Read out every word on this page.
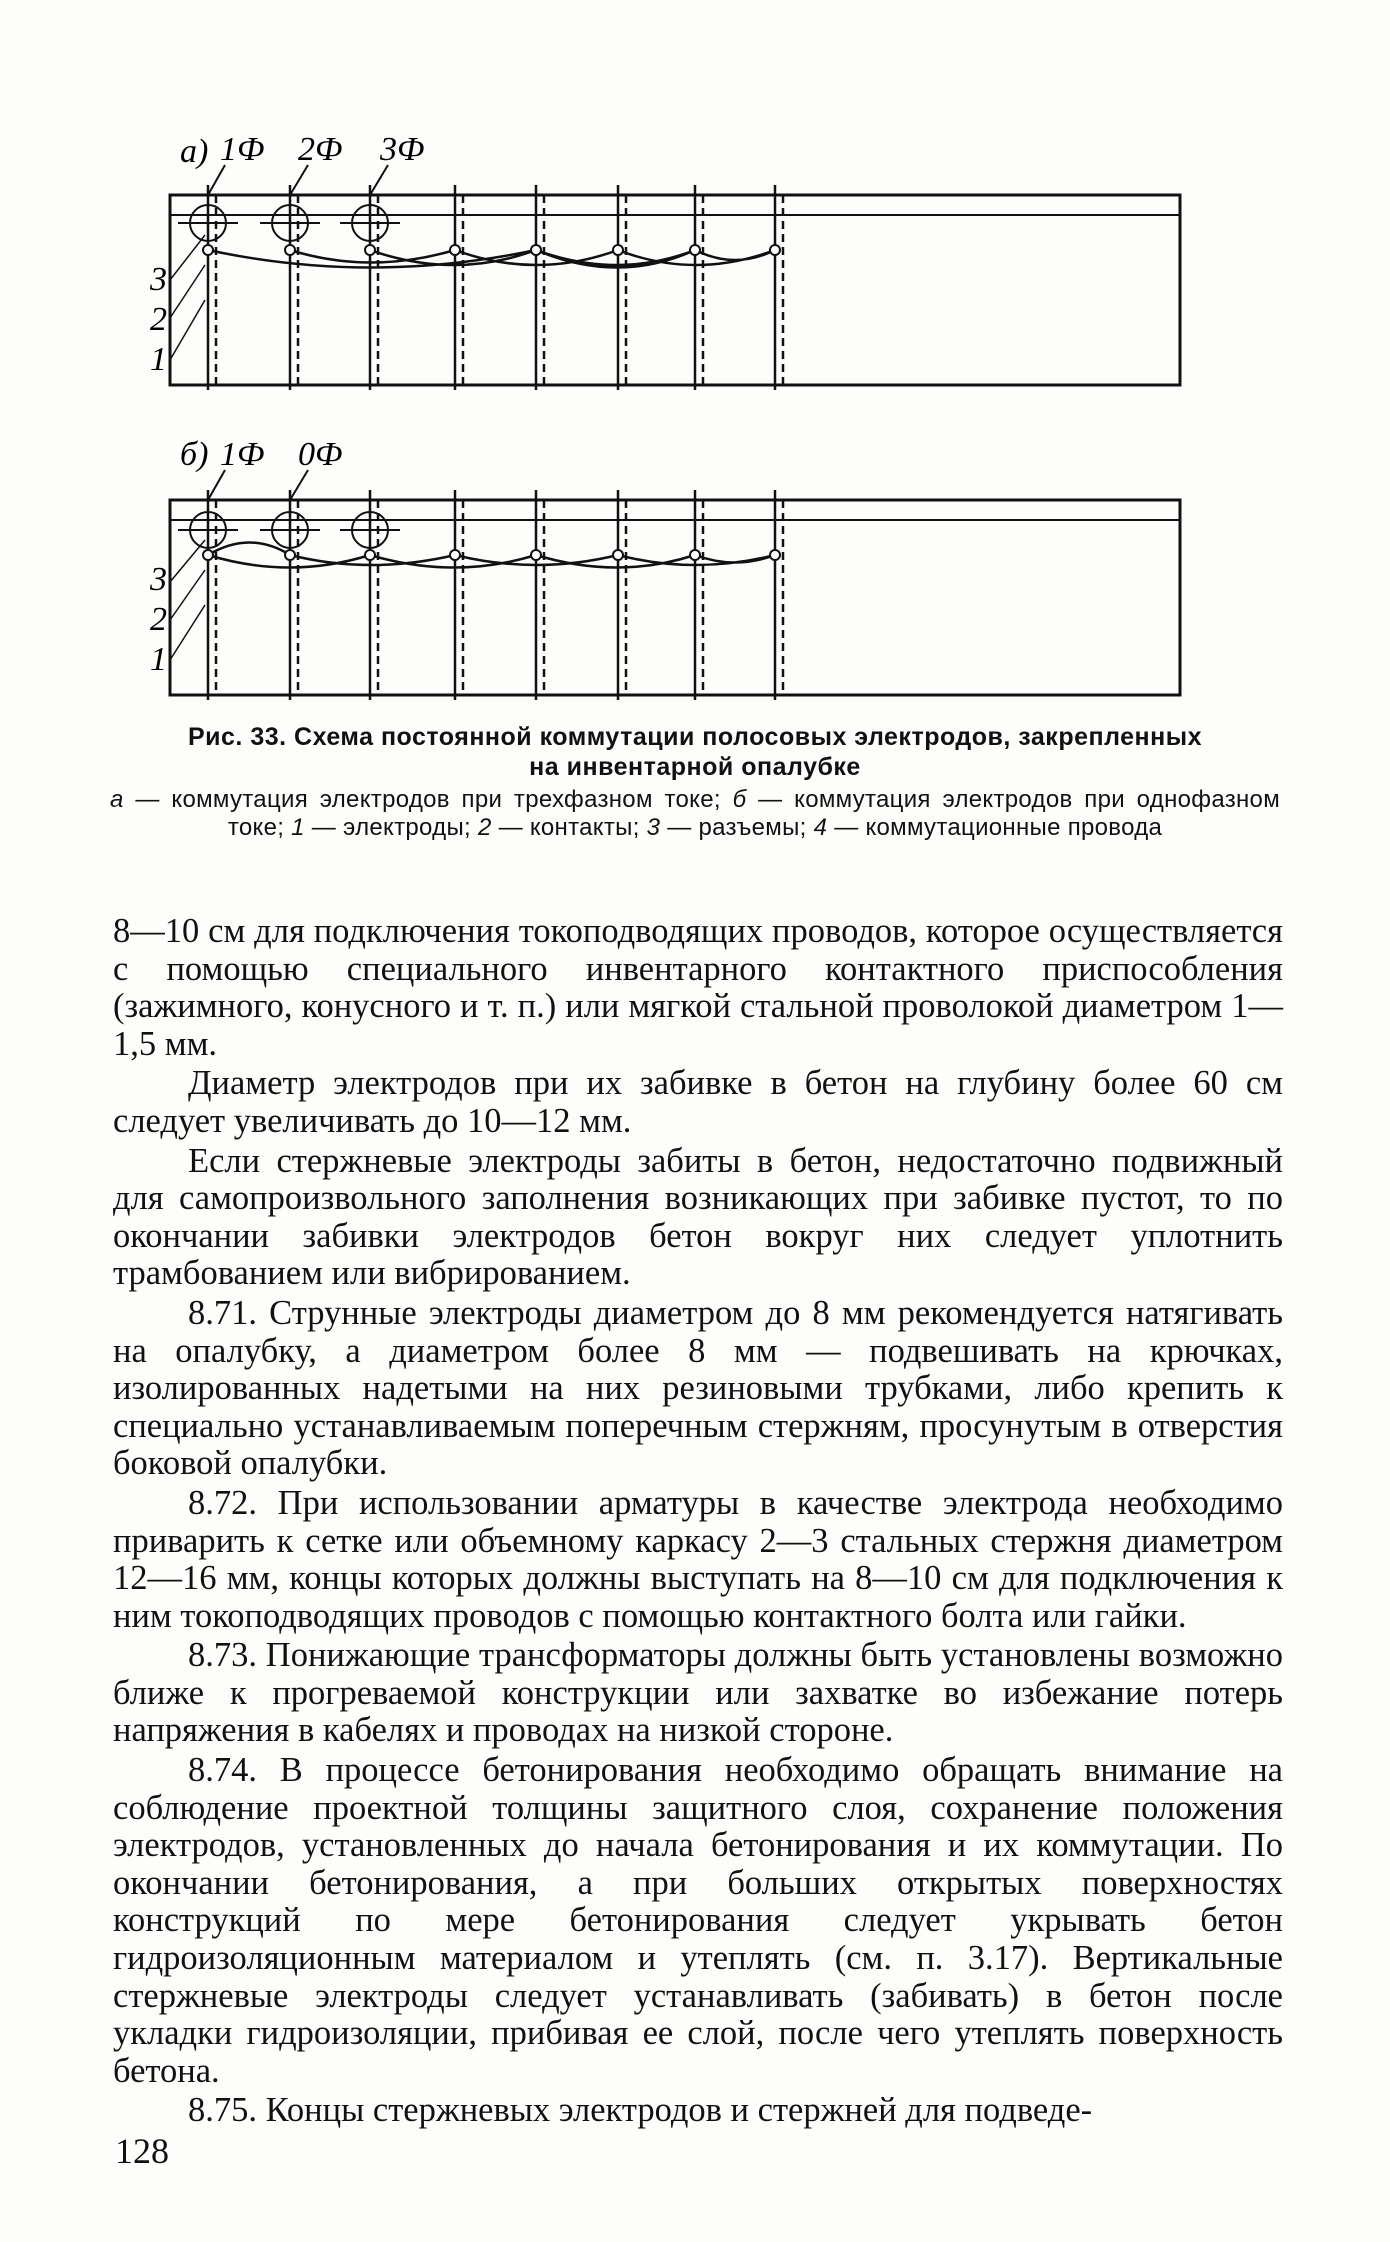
а) 1Ф 2Ф 3Ф
3
2
1
б) 1Ф 0Ф
3
2
1
Рис. 33. Схема постоянной коммутации полосовых электродов, закрепленных
на инвентарной опалубке
а — коммутация электродов при трехфазном токе; б — коммутация электродов при однофазном токе; 1 — электроды; 2 — контакты; 3 — разъемы; 4 — коммутационные провода

8—10 см для подключения токоподводящих проводов, которое осуществляется с помощью специального инвентарного контактного приспособления (зажимного, конусного и т. п.) или мягкой стальной проволокой диаметром 1—1,5 мм.

Диаметр электродов при их забивке в бетон на глубину более 60 см следует увеличивать до 10—12 мм.

Если стержневые электроды забиты в бетон, недостаточно подвижный для самопроизвольного заполнения возникающих при забивке пустот, то по окончании забивки электродов бетон вокруг них следует уплотнить трамбованием или вибрированием.

8.71. Струнные электроды диаметром до 8 мм рекомендуется натягивать на опалубку, а диаметром более 8 мм — подвешивать на крючках, изолированных надетыми на них резиновыми трубками, либо крепить к специально устанавливаемым поперечным стержням, просунутым в отверстия боковой опалубки.

8.72. При использовании арматуры в качестве электрода необходимо приварить к сетке или объемному каркасу 2—3 стальных стержня диаметром 12—16 мм, концы которых должны выступать на 8—10 см для подключения к ним токоподводящих проводов с помощью контактного болта или гайки.

8.73. Понижающие трансформаторы должны быть установлены возможно ближе к прогреваемой конструкции или захватке во избежание потерь напряжения в кабелях и проводах на низкой стороне.

8.74. В процессе бетонирования необходимо обращать внимание на соблюдение проектной толщины защитного слоя, сохранение положения электродов, установленных до начала бетонирования и их коммутации. По окончании бетонирования, а при больших открытых поверхностях конструкций по мере бетонирования следует укрывать бетон гидроизоляционным материалом и утеплять (см. п. 3.17). Вертикальные стержневые электроды следует устанавливать (забивать) в бетон после укладки гидроизоляции, прибивая ее слой, после чего утеплять поверхность бетона.

8.75. Концы стержневых электродов и стержней для подведе-

128
